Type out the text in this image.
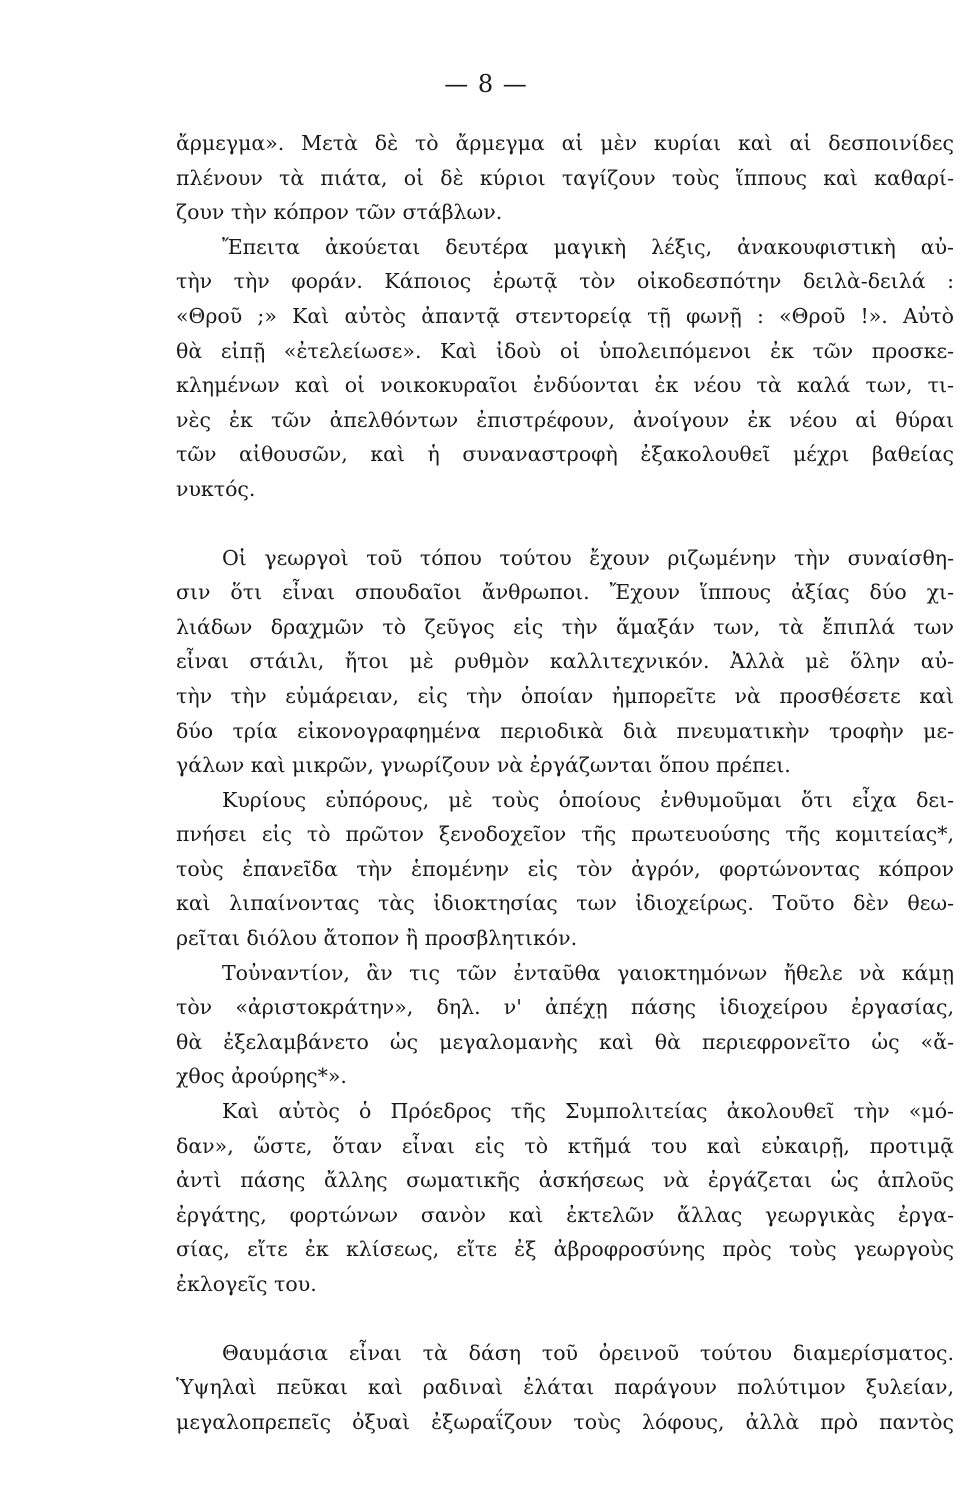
— 8 —
ἄρμεγμα». Μετὰ δὲ τὸ ἄρμεγμα αἱ μὲν κυρίαι καὶ αἱ δεσποινίδες
πλένουν τὰ πιάτα, οἱ δὲ κύριοι ταγίζουν τοὺς ἵππους καὶ καθαρί-
ζουν τὴν κόπρον τῶν στάβλων.
Ἔπειτα ἀκούεται δευτέρα μαγικὴ λέξις, ἀνακουφιστικὴ αὐ-
τὴν τὴν φοράν. Κάποιος ἐρωτᾷ τὸν οἰκοδεσπότην δειλὰ-δειλά :
«Θροῦ ;» Καὶ αὐτὸς ἀπαντᾷ στεντορείᾳ τῇ φωνῇ : «Θροῦ !». Αὐτὸ
θὰ εἰπῇ «ἐτελείωσε». Καὶ ἰδοὺ οἱ ὑπολειπόμενοι ἐκ τῶν προσκε-
κλημένων καὶ οἱ νοικοκυραῖοι ἐνδύονται ἐκ νέου τὰ καλά των, τι-
νὲς ἐκ τῶν ἀπελθόντων ἐπιστρέφουν, ἀνοίγουν ἐκ νέου αἱ θύραι
τῶν αἰθουσῶν, καὶ ἡ συναναστροφὴ ἐξακολουθεῖ μέχρι βαθείας
νυκτός.
Οἱ γεωργοὶ τοῦ τόπου τούτου ἔχουν ριζωμένην τὴν συναίσθη-
σιν ὅτι εἶναι σπουδαῖοι ἄνθρωποι. Ἔχουν ἵππους ἀξίας δύο χι-
λιάδων δραχμῶν τὸ ζεῦγος εἰς τὴν ἅμαξάν των, τὰ ἔπιπλά των
εἶναι στάιλι, ἤτοι μὲ ρυθμὸν καλλιτεχνικόν. Ἀλλὰ μὲ ὅλην αὐ-
τὴν τὴν εὐμάρειαν, εἰς τὴν ὁποίαν ἠμπορεῖτε νὰ προσθέσετε καὶ
δύο τρία εἰκονογραφημένα περιοδικὰ διὰ πνευματικὴν τροφὴν με-
γάλων καὶ μικρῶν, γνωρίζουν νὰ ἐργάζωνται ὅπου πρέπει.
Κυρίους εὐπόρους, μὲ τοὺς ὁποίους ἐνθυμοῦμαι ὅτι εἶχα δει-
πνήσει εἰς τὸ πρῶτον ξενοδοχεῖον τῆς πρωτευούσης τῆς κομιτείας*,
τοὺς ἐπανεῖδα τὴν ἑπομένην εἰς τὸν ἀγρόν, φορτώνοντας κόπρον
καὶ λιπαίνοντας τὰς ἰδιοκτησίας των ἰδιοχείρως. Τοῦτο δὲν θεω-
ρεῖται διόλου ἄτοπον ἢ προσβλητικόν.
Τοὐναντίον, ἂν τις τῶν ἐνταῦθα γαιοκτημόνων ἤθελε νὰ κάμῃ
τὸν «ἀριστοκράτην», δηλ. ν' ἀπέχῃ πάσης ἰδιοχείρου ἐργασίας,
θὰ ἐξελαμβάνετο ὡς μεγαλομανὴς καὶ θὰ περιεφρονεῖτο ὡς «ἄ-
χθος ἀρούρης*».
Καὶ αὐτὸς ὁ Πρόεδρος τῆς Συμπολιτείας ἀκολουθεῖ τὴν «μό-
δαν», ὥστε, ὅταν εἶναι εἰς τὸ κτῆμά του καὶ εὐκαιρῇ, προτιμᾷ
ἀντὶ πάσης ἄλλης σωματικῆς ἀσκήσεως νὰ ἐργάζεται ὡς ἁπλοῦς
ἐργάτης, φορτώνων σανὸν καὶ ἐκτελῶν ἄλλας γεωργικὰς ἐργα-
σίας, εἴτε ἐκ κλίσεως, εἴτε ἐξ ἀβροφροσύνης πρὸς τοὺς γεωργοὺς
ἐκλογεῖς του.
Θαυμάσια εἶναι τὰ δάση τοῦ ὀρεινοῦ τούτου διαμερίσματος.
Ὑψηλαὶ πεῦκαι καὶ ραδιναὶ ἐλάται παράγουν πολύτιμον ξυλείαν,
μεγαλοπρεπεῖς ὀξυαὶ ἐξωραΐζουν τοὺς λόφους, ἀλλὰ πρὸ παντὸς
